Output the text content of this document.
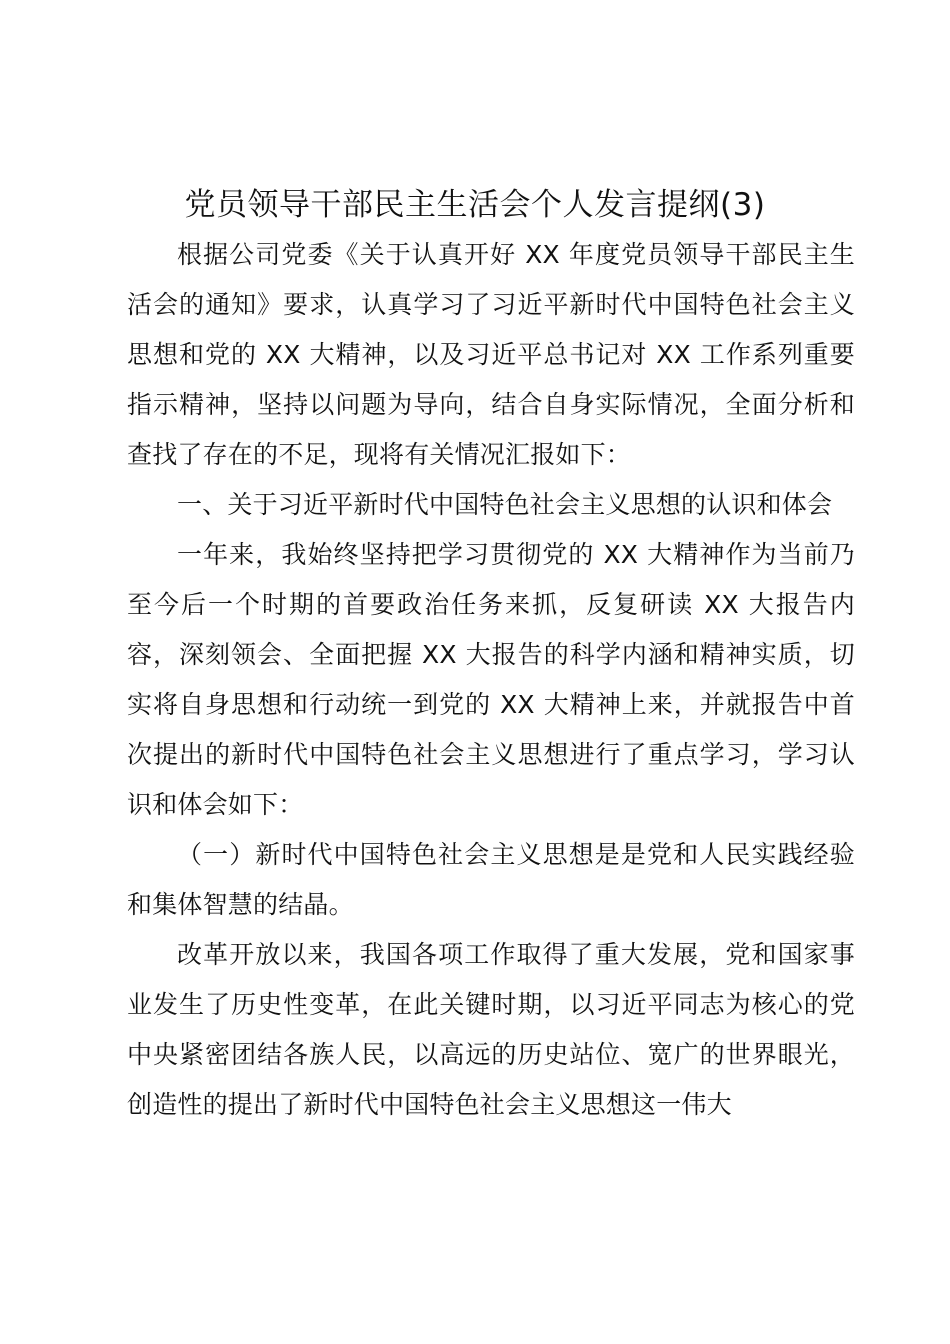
党员领导干部民主生活会个人发言提纲(3)

根据公司党委《关于认真开好 XX 年度党员领导干部民主生活会的通知》要求，认真学习了习近平新时代中国特色社会主义思想和党的 XX 大精神，以及习近平总书记对 XX 工作系列重要指示精神，坚持以问题为导向，结合自身实际情况，全面分析和查找了存在的不足，现将有关情况汇报如下：

一、关于习近平新时代中国特色社会主义思想的认识和体会

一年来，我始终坚持把学习贯彻党的 XX 大精神作为当前乃至今后一个时期的首要政治任务来抓，反复研读 XX 大报告内容，深刻领会、全面把握 XX 大报告的科学内涵和精神实质，切实将自身思想和行动统一到党的 XX 大精神上来，并就报告中首次提出的新时代中国特色社会主义思想进行了重点学习，学习认识和体会如下：

（一）新时代中国特色社会主义思想是是党和人民实践经验和集体智慧的结晶。

改革开放以来，我国各项工作取得了重大发展，党和国家事业发生了历史性变革，在此关键时期，以习近平同志为核心的党中央紧密团结各族人民，以高远的历史站位、宽广的世界眼光，创造性的提出了新时代中国特色社会主义思想这一伟大
